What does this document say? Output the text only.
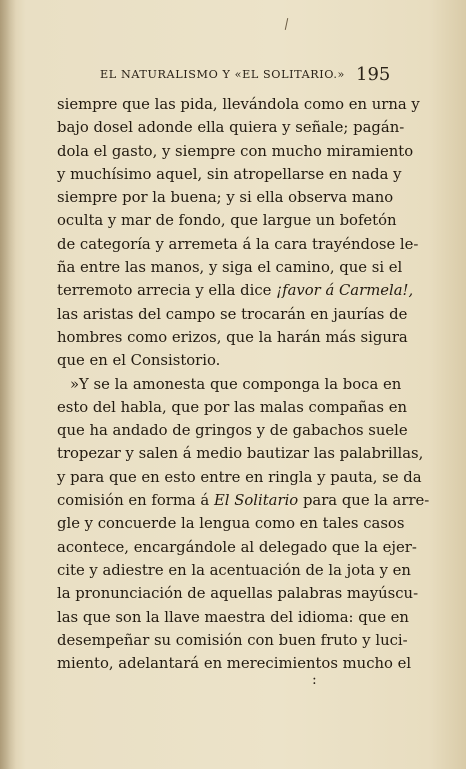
EL NATURALISMO Y «EL SOLITARIO.» 195
siempre que las pida, llevándola como en urna y
bajo dosel adonde ella quiera y señale; pagán-
dola el gasto, y siempre con mucho miramiento
y muchísimo aquel, sin atropellarse en nada y
siempre por la buena; y si ella observa mano
oculta y mar de fondo, que largue un bofetón
de categoría y arremeta á la cara trayéndose le-
ña entre las manos, y siga el camino, que si el
terremoto arrecia y ella dice ¡favor á Carmela!,
las aristas del campo se trocarán en jaurías de
hombres como erizos, que la harán más sigura
que en el Consistorio.
»Y se la amonesta que componga la boca en
esto del habla, que por las malas compañas en
que ha andado de gringos y de gabachos suele
tropezar y salen á medio bautizar las palabrillas,
y para que en esto entre en ringla y pauta, se da
comisión en forma á El Solitario para que la arre-
gle y concuerde la lengua como en tales casos
acontece, encargándole al delegado que la ejer-
cite y adiestre en la acentuación de la jota y en
la pronunciación de aquellas palabras mayúscu-
las que son la llave maestra del idioma: que en
desempeñar su comisión con buen fruto y luci-
miento, adelantará en merecimientos mucho el
:
